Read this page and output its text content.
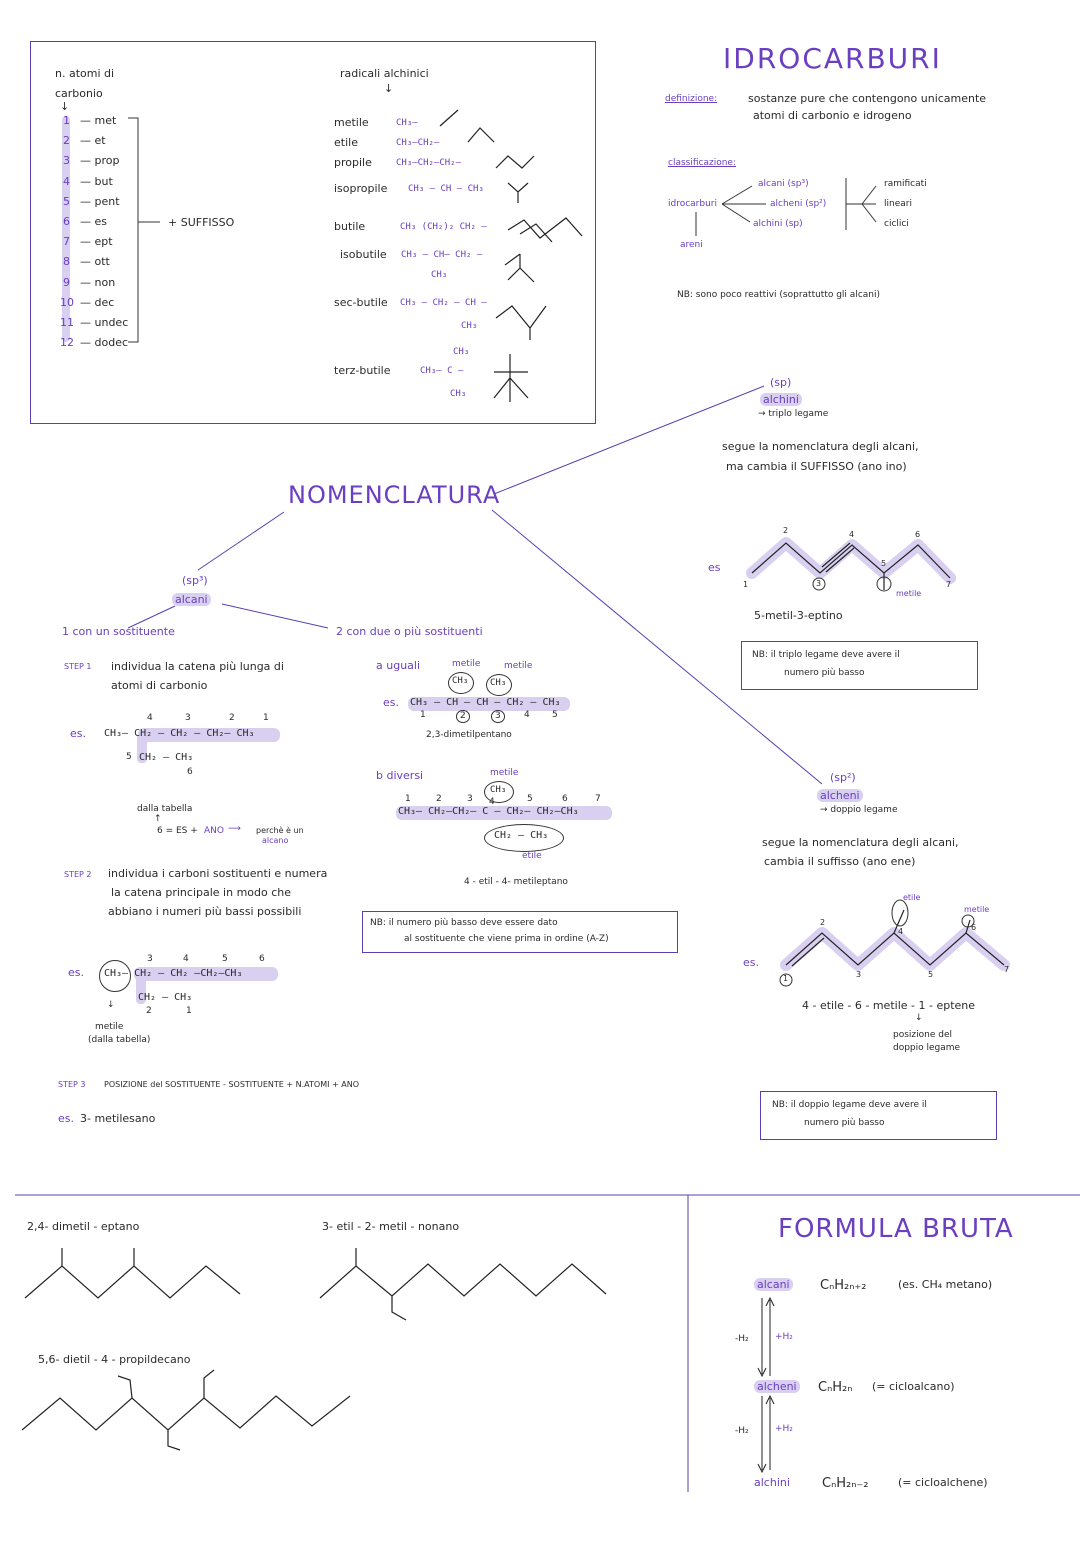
n. atomi di
carbonio
↓
1 — met
2 — et
3 — prop
4 — but
5 — pent
6 — es
7 — ept
8 — ott
9 — non
10 — dec
11 — undec
12 — dodec
+ SUFFISSO
radicali alchinici
↓
metile	CH₃—
etile	CH₃—CH₂—
propile	CH₃—CH₂—CH₂—
isopropile CH₃ — CH — CH₃
butile	CH₃ (CH₂)₂ CH₂ —
isobutile CH₃ – CH– CH₂ –
sec-butile CH₃ – CH₂ – CH –
terz-butile	CH₃— C —
CH₃
CH₃
CH₃
CH₃
IDROCARBURI
definizione:	sostanze pure che contengono unicamente
atomi di carbonio e idrogeno
classificazione:
idrocarburi
alcani (sp³)
alcheni (sp²)
alchini (sp)
areni
ramificati
lineari
ciclici
NB: sono poco reattivi (soprattutto gli alcani)
NOMENCLATURA
(sp³)
alcani
1 con un sostituente	2 con due o più sostituenti
STEP 1 individua la catena più lunga di
atomi di carbonio
es. CH₃— CH₂ — CH₂ — CH₂— CH₃
CH₂ — CH₃
4	3	2	1
5
6
dalla tabella
↑
6 = ES + ANO ⟶ perchè è un
alcano
STEP 2 individua i carboni sostituenti e numera
la catena principale in modo che
abbiano i numeri più bassi possibili
es. CH₃— CH₂ — CH₂ —CH₂—CH₃
CH₂ — CH₃
3	4	5	6
2	1
↓
metile
(dalla tabella)
STEP 3 POSIZIONE del SOSTITUENTE - SOSTITUENTE + N.ATOMI + ANO
es. 3- metilesano
a uguali	metile	metile
CH₃ CH₃
es. CH₃ — CH — CH — CH₂ — CH₃
1	2	3	4 5
2,3-dimetilpentano
b diversi	metile
CH₃
CH₃— CH₂—CH₂— C — CH₂— CH₂—CH₃
1	2	3 4	5	6	7
CH₂ — CH₃
etile
4 - etil - 4- metileptano
NB: il numero più basso deve essere dato
al sostituente che viene prima in ordine (A-Z)
(sp)
alchini
→ triplo legame
segue la nomenclatura degli alcani,
ma cambia il SUFFISSO (ano ino)
es
1
2
3
4
5
6
7
metile
5-metil-3-eptino
NB: il triplo legame deve avere il
numero più basso
(sp²)
alcheni
→ doppio legame
segue la nomenclatura degli alcani,
cambia il suffisso (ano ene)
es.
etile
metile
1
2
3
4
5
6
7
4 - etile - 6 - metile - 1 - eptene
↓
posizione del
doppio legame
NB: il doppio legame deve avere il
numero più basso
2,4- dimetil - eptano	3- etil - 2- metil - nonano
5,6- dietil - 4 - propildecano
FORMULA BRUTA
alcani CₙH₂ₙ₊₂	(es. CH₄ metano)
alcheni CₙH₂ₙ (= cicloalcano)
alchini CₙH₂ₙ₋₂	(= cicloalchene)
-H₂	+H₂
-H₂	+H₂
